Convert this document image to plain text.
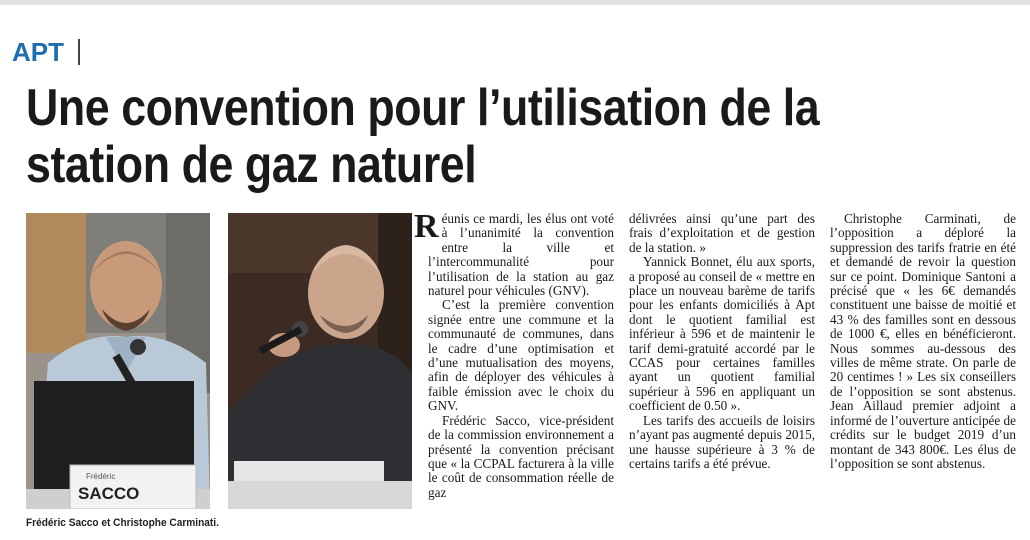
APT
Une convention pour l’utilisation de la station de gaz naturel
Frédéric
SACCO
Frédéric Sacco et Christophe Carminati.

Réunis ce mardi, les élus ont voté à l’unanimité la convention entre la ville et l’intercommunalité pour l’utilisation de la station au gaz naturel pour véhicules (GNV).

C’est la première convention signée entre une commune et la communauté de communes, dans le cadre d’une optimisation et d’une mutualisation des moyens, afin de déployer des véhicules à faible émission avec le choix du GNV.

Frédéric Sacco, vice-président de la commission environnement a présenté la convention précisant que « la CCPAL facturera à la ville le coût de consommation réelle de gaz

délivrées ainsi qu’une part des frais d’exploitation et de gestion de la station. »

Yannick Bonnet, élu aux sports, a proposé au conseil de « mettre en place un nouveau barème de tarifs pour les enfants domiciliés à Apt dont le quotient familial est inférieur à 596 et de maintenir le tarif demi-gratuité accordé par le CCAS pour certaines familles ayant un quotient familial supérieur à 596 en appliquant un coefficient de 0.50 ».

Les tarifs des accueils de loisirs n’ayant pas augmenté depuis 2015, une hausse supérieure à 3 % de certains tarifs a été prévue.

Christophe Carminati, de l’opposition a déploré la suppression des tarifs fratrie en été et demandé de revoir la question sur ce point. Dominique Santoni a précisé que « les 6€ demandés constituent une baisse de moitié et 43 % des familles sont en dessous de 1000 €, elles en bénéficieront. Nous sommes au-dessous des villes de même strate. On parle de 20 centimes ! » Les six conseillers de l’opposition se sont abstenus. Jean Aillaud premier adjoint a informé de l’ouverture anticipée de crédits sur le budget 2019 d’un montant de 343 800€. Les élus de l’opposition se sont abstenus.
